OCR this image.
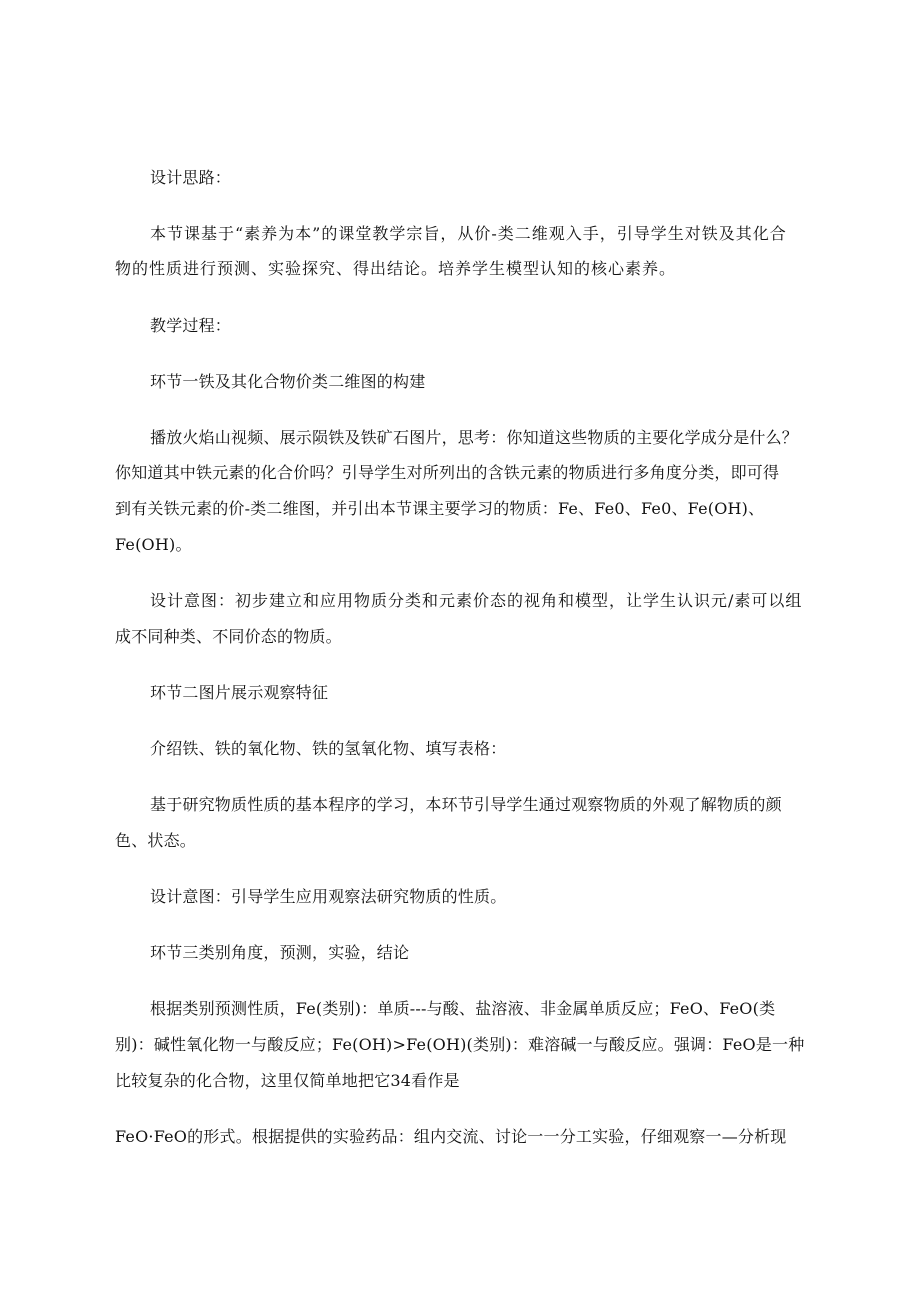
设计思路：
本节课基于“素养为本”的课堂教学宗旨，从价-类二维观入手，引导学生对铁及其化合
物的性质进行预测、实验探究、得出结论。培养学生模型认知的核心素养。
教学过程：
环节一铁及其化合物价类二维图的构建
播放火焰山视频、展示陨铁及铁矿石图片，思考：你知道这些物质的主要化学成分是什么？
你知道其中铁元素的化合价吗？引导学生对所列出的含铁元素的物质进行多角度分类，即可得
到有关铁元素的价-类二维图，并引出本节课主要学习的物质：Fe、Fe0、Fe0、Fe(OH)、
Fe(OH)。
设计意图：初步建立和应用物质分类和元素价态的视角和模型，让学生认识元/素可以组
成不同种类、不同价态的物质。
环节二图片展示观察特征
介绍铁、铁的氧化物、铁的氢氧化物、填写表格：
基于研究物质性质的基本程序的学习，本环节引导学生通过观察物质的外观了解物质的颜
色、状态。
设计意图：引导学生应用观察法研究物质的性质。
环节三类别角度，预测，实验，结论
根据类别预测性质，Fe(类别)：单质---与酸、盐溶液、非金属单质反应；FeO、FeO(类
别)：碱性氧化物一与酸反应；Fe(OH)>Fe(OH)(类别)：难溶碱一与酸反应。强调：FeO是一种
比较复杂的化合物，这里仅简单地把它34看作是
FeO·FeO的形式。根据提供的实验药品：组内交流、讨论一一分工实验，仔细观察一—分析现
